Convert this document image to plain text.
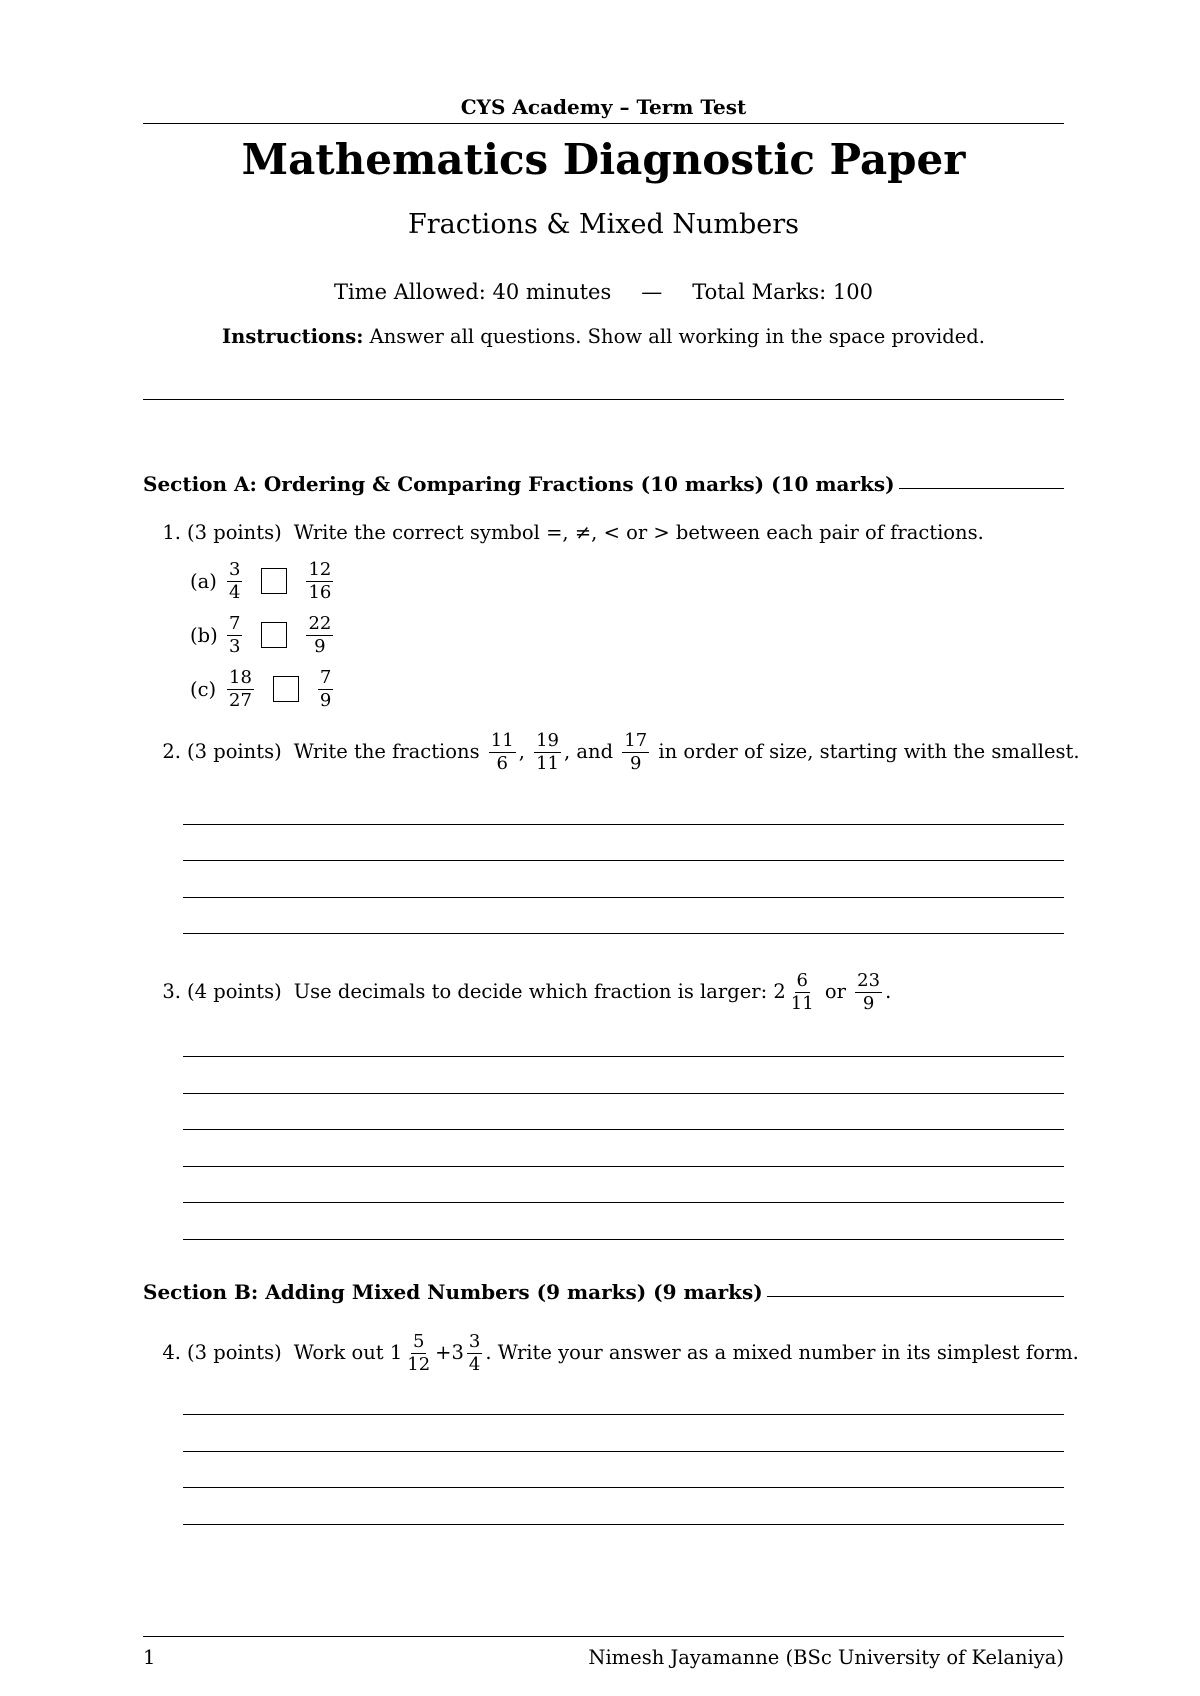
CYS Academy – Term Test
Mathematics Diagnostic Paper
Fractions & Mixed Numbers
Time Allowed: 40 minutes — Total Marks: 100
Instructions: Answer all questions. Show all working in the space provided.
Section A: Ordering & Comparing Fractions (10 marks) (10 marks)
1. (3 points) Write the correct symbol =, ≠, < or > between each pair of fractions.
$(a) \frac{3}{4}$	$\frac{12}{16}$
$(b) \frac{7}{3}$	$\frac{22}{9}$
$(c) \frac{18}{27}$	$\frac{7}{9}$
2. (3 points) Write the fractions $\frac{11}{6}$ , $\frac{19}{11}$ , and $\frac{17}{9}$ in order of size, starting with the smallest.
3. (4 points) Use decimals to decide which fraction is larger: $2 \frac{6}{11}$ or $\frac{23}{9}$ .
Section B: Adding Mixed Numbers (9 marks) (9 marks)
4. (3 points) Work out $1 \frac{5}{12} +3 \frac{3}{4}$ . Write your answer as a mixed number in its simplest form.
1	Nimesh Jayamanne (BSc University of Kelaniya)
